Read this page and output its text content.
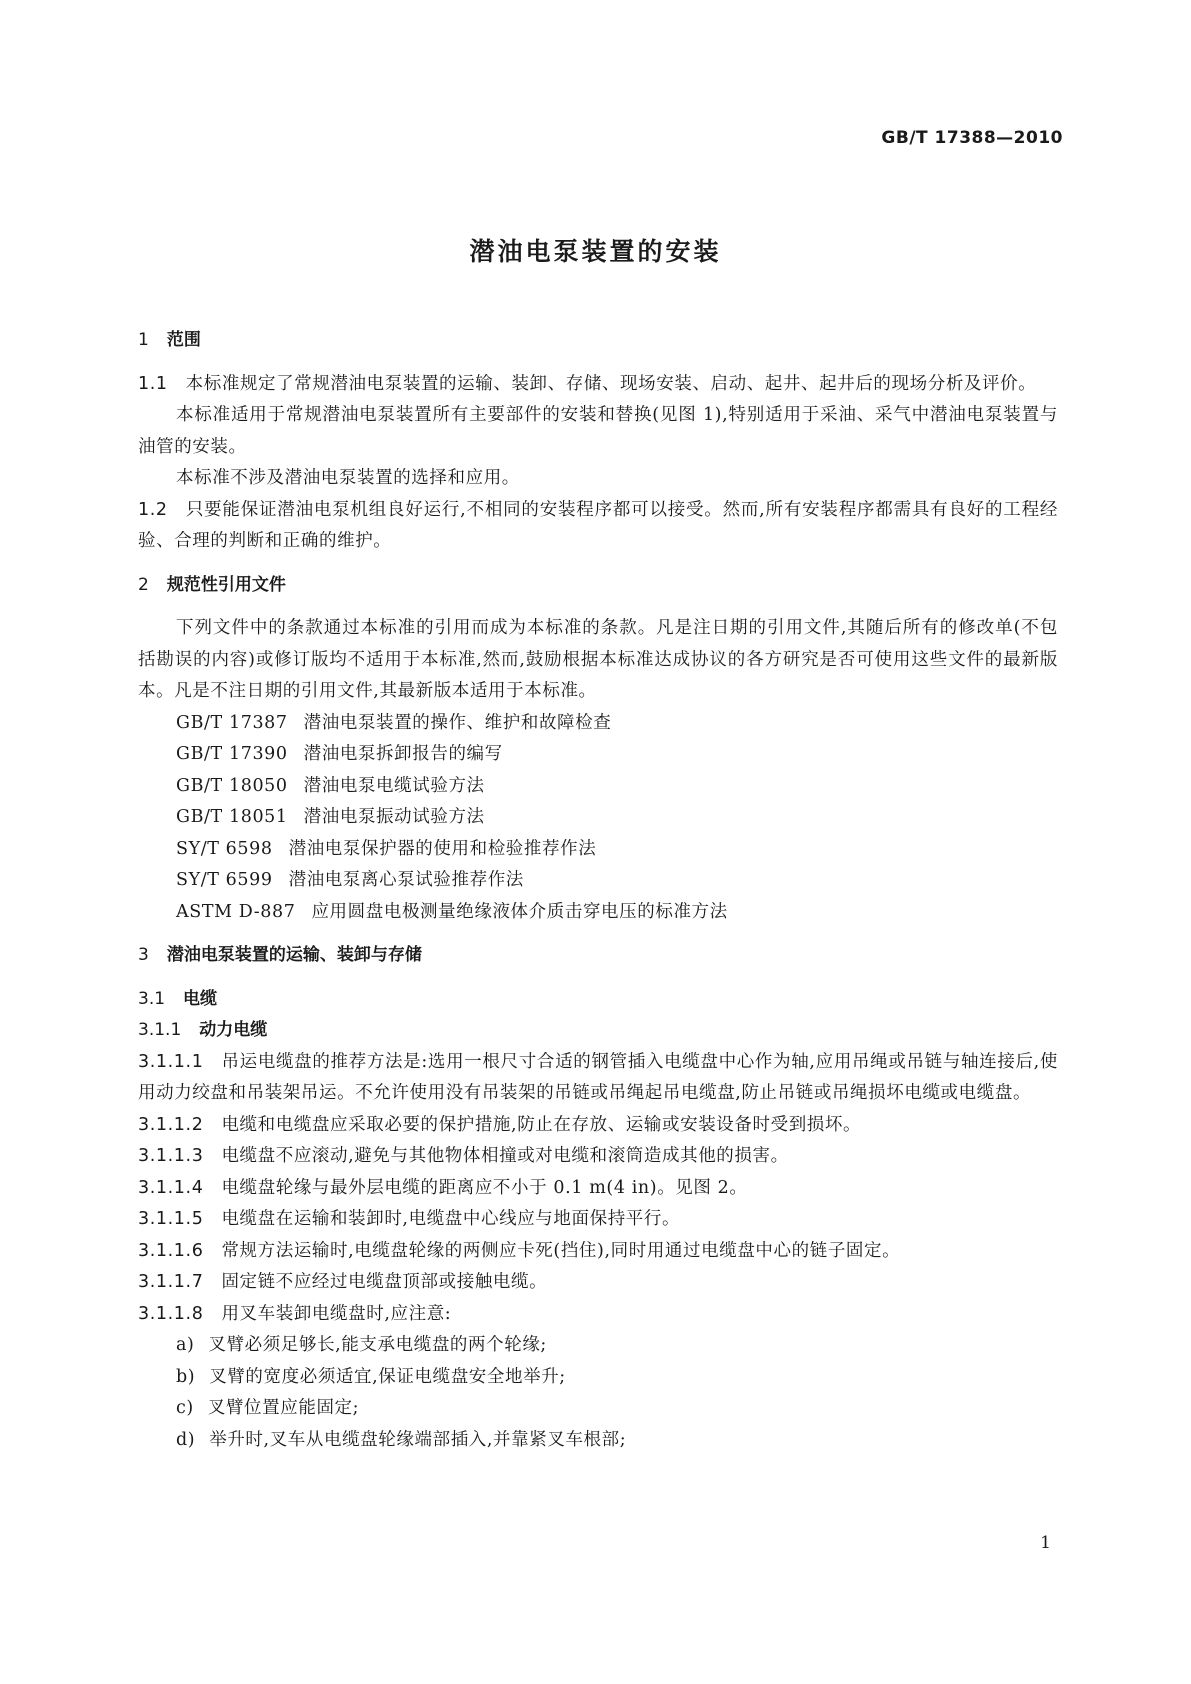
GB/T 17388—2010
潜油电泵装置的安装
1 范围

1.1 本标准规定了常规潜油电泵装置的运输、装卸、存储、现场安装、启动、起井、起井后的现场分析及评价。

本标准适用于常规潜油电泵装置所有主要部件的安装和替换(见图 1),特别适用于采油、采气中潜油电泵装置与油管的安装。

本标准不涉及潜油电泵装置的选择和应用。

1.2 只要能保证潜油电泵机组良好运行,不相同的安装程序都可以接受。然而,所有安装程序都需具有良好的工程经验、合理的判断和正确的维护。

2 规范性引用文件

下列文件中的条款通过本标准的引用而成为本标准的条款。凡是注日期的引用文件,其随后所有的修改单(不包括勘误的内容)或修订版均不适用于本标准,然而,鼓励根据本标准达成协议的各方研究是否可使用这些文件的最新版本。凡是不注日期的引用文件,其最新版本适用于本标准。

GB/T 17387 潜油电泵装置的操作、维护和故障检查

GB/T 17390 潜油电泵拆卸报告的编写

GB/T 18050 潜油电泵电缆试验方法

GB/T 18051 潜油电泵振动试验方法

SY/T 6598 潜油电泵保护器的使用和检验推荐作法

SY/T 6599 潜油电泵离心泵试验推荐作法

ASTM D-887 应用圆盘电极测量绝缘液体介质击穿电压的标准方法

3 潜油电泵装置的运输、装卸与存储
3.1 电缆
3.1.1 动力电缆

3.1.1.1 吊运电缆盘的推荐方法是:选用一根尺寸合适的钢管插入电缆盘中心作为轴,应用吊绳或吊链与轴连接后,使用动力绞盘和吊装架吊运。不允许使用没有吊装架的吊链或吊绳起吊电缆盘,防止吊链或吊绳损坏电缆或电缆盘。

3.1.1.2 电缆和电缆盘应采取必要的保护措施,防止在存放、运输或安装设备时受到损坏。

3.1.1.3 电缆盘不应滚动,避免与其他物体相撞或对电缆和滚筒造成其他的损害。

3.1.1.4 电缆盘轮缘与最外层电缆的距离应不小于 0.1 m(4 in)。见图 2。

3.1.1.5 电缆盘在运输和装卸时,电缆盘中心线应与地面保持平行。

3.1.1.6 常规方法运输时,电缆盘轮缘的两侧应卡死(挡住),同时用通过电缆盘中心的链子固定。

3.1.1.7 固定链不应经过电缆盘顶部或接触电缆。

3.1.1.8 用叉车装卸电缆盘时,应注意:

a) 叉臂必须足够长,能支承电缆盘的两个轮缘;

b) 叉臂的宽度必须适宜,保证电缆盘安全地举升;

c) 叉臂位置应能固定;

d) 举升时,叉车从电缆盘轮缘端部插入,并靠紧叉车根部;

1
